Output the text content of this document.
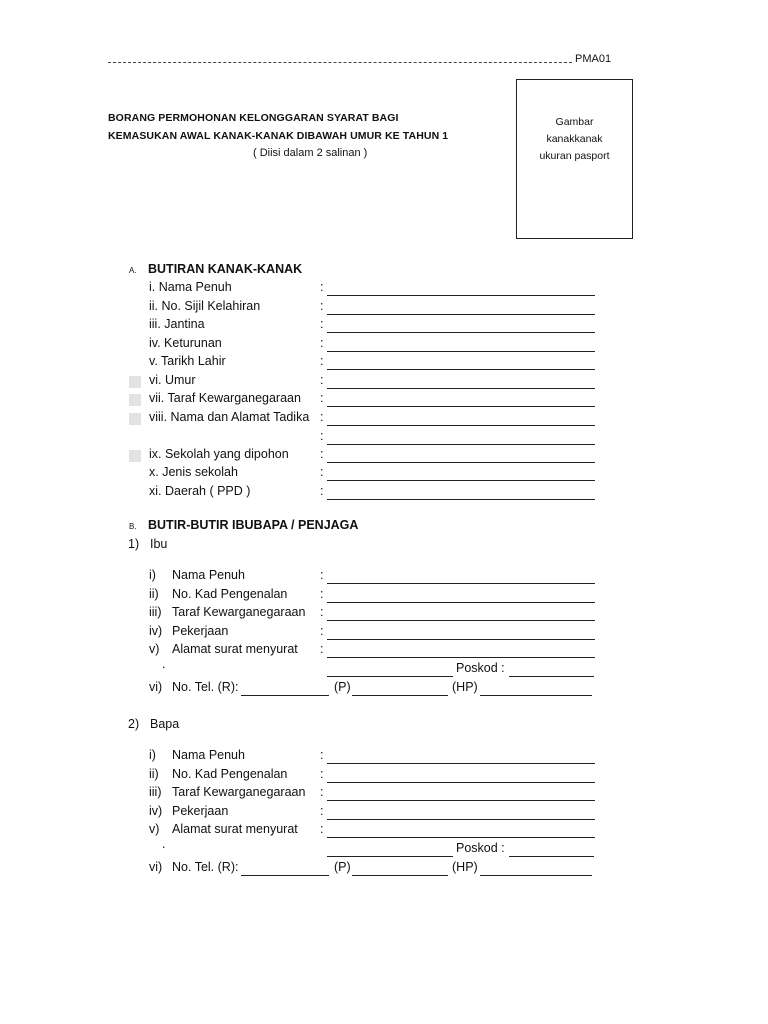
PMA01
BORANG PERMOHONAN KELONGGARAN SYARAT BAGI
KEMASUKAN AWAL KANAK-KANAK DIBAWAH UMUR KE TAHUN 1
( Diisi dalam 2 salinan )
Gambar
kanakkanak
ukuran pasport
A. BUTIRAN KANAK-KANAK
i. Nama Penuh	:
ii. No. Sijil Kelahiran	:
iii. Jantina	:
iv. Keturunan	:
v. Tarikh Lahir	:
vi. Umur	:
vii. Taraf Kewarganegaraan :
viii. Nama dan Alamat Tadika :
:
ix. Sekolah yang dipohon	:
x. Jenis sekolah	:
xi. Daerah ( PPD )	:
B. BUTIR-BUTIR IBUBAPA / PENJAGA
1) Ibu
i) Nama Penuh	:
ii) No. Kad Pengenalan	:
iii) Taraf Kewarganegaraan :
iv) Pekerjaan	:
v) Alamat surat menyurat :
.	Poskod :
vi) No. Tel. (R):	(P)	(HP)
2) Bapa
i) Nama Penuh	:
ii) No. Kad Pengenalan	:
iii) Taraf Kewarganegaraan :
iv) Pekerjaan	:
v) Alamat surat menyurat :
.	Poskod :
vi) No. Tel. (R):	(P)	(HP)
